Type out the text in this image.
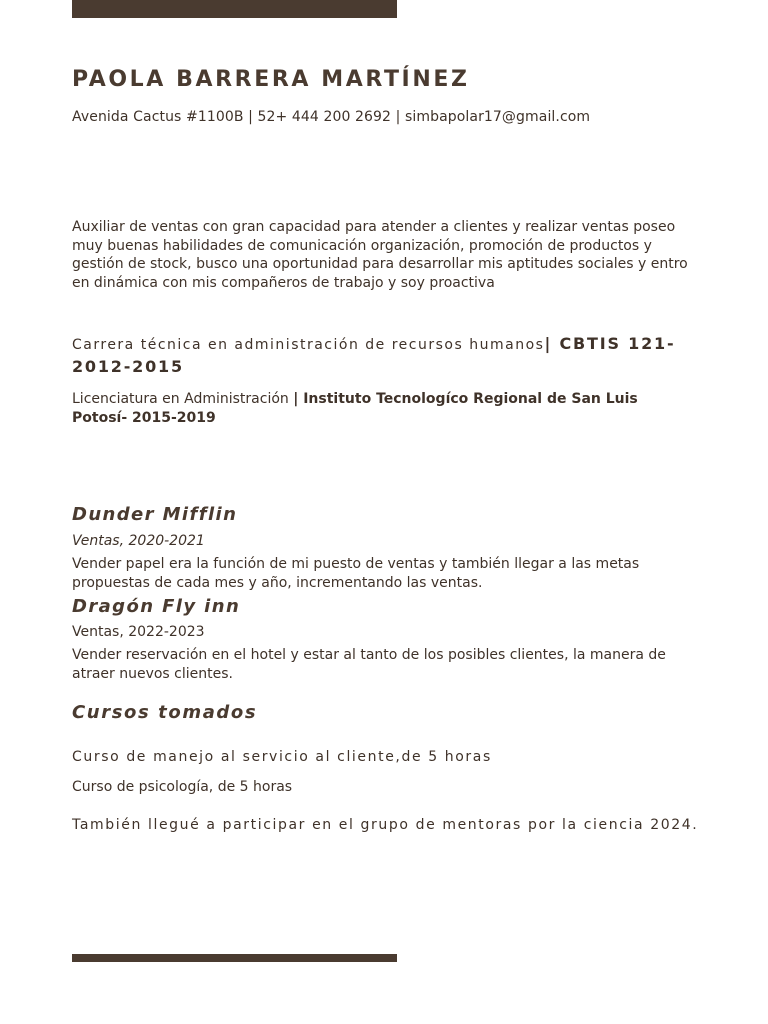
PAOLA BARRERA MARTÍNEZ
Avenida Cactus #1100B | 52+ 444 200 2692 | simbapolar17@gmail.com

Auxiliar de ventas con gran capacidad para atender a clientes y realizar ventas poseo muy buenas habilidades de comunicación organización, promoción de productos y gestión de stock, busco una oportunidad para desarrollar mis aptitudes sociales y entro en dinámica con mis compañeros de trabajo y soy proactiva

Carrera técnica en administración de recursos humanos| CBTIS 121- 2012-2015
Licenciatura en Administración | Instituto Tecnologíco Regional de San Luis Potosí- 2015-2019
Dunder Mifflin
Ventas, 2020-2021
Vender papel era la función de mi puesto de ventas y también llegar a las metas propuestas de cada mes y año, incrementando las ventas.
Dragón Fly inn
Ventas, 2022-2023
Vender reservación en el hotel y estar al tanto de los posibles clientes, la manera de atraer nuevos clientes.
Cursos tomados
Curso de manejo al servicio al cliente,de 5 horas
Curso de psicología, de 5 horas
También llegué a participar en el grupo de mentoras por la ciencia 2024.
